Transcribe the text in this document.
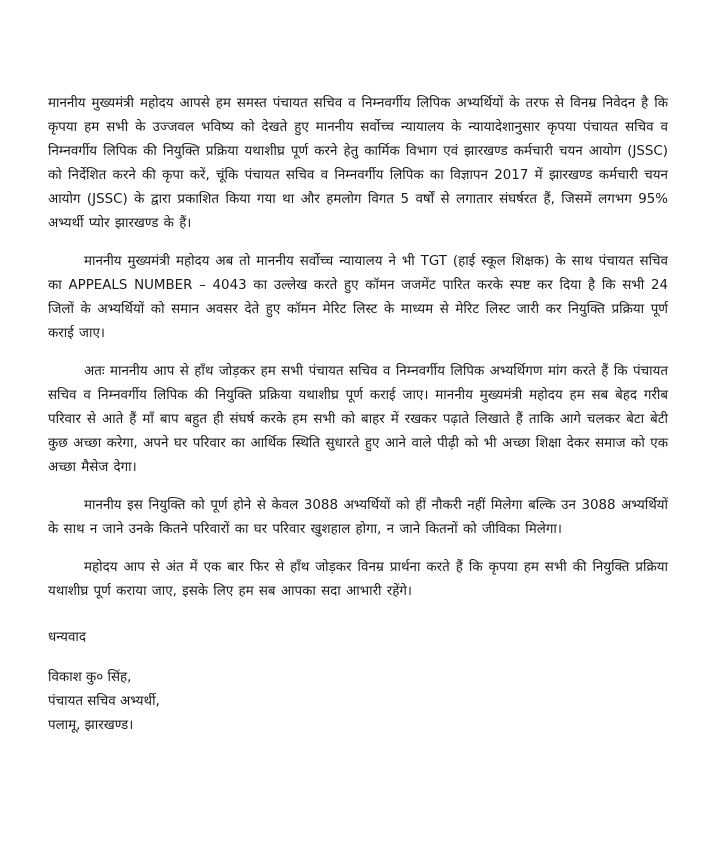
माननीय मुख्यमंत्री महोदय आपसे हम समस्त पंचायत सचिव व निम्नवर्गीय लिपिक अभ्यर्थियों के तरफ से विनम्र निवेदन है कि कृपया हम सभी के उज्जवल भविष्य को देखते हुए माननीय सर्वोच्च न्यायालय के न्यायादेशानुसार कृपया पंचायत सचिव व निम्नवर्गीय लिपिक की नियुक्ति प्रक्रिया यथाशीघ्र पूर्ण करने हेतु कार्मिक विभाग एवं झारखण्ड कर्मचारी चयन आयोग (JSSC) को निर्देशित करने की कृपा करें, चूंकि पंचायत सचिव व निम्नवर्गीय लिपिक का विज्ञापन 2017 में झारखण्ड कर्मचारी चयन आयोग (JSSC) के द्वारा प्रकाशित किया गया था और हमलोग विगत 5 वर्षों से लगातार संघर्षरत हैं, जिसमें लगभग 95% अभ्यर्थी प्योर झारखण्ड के हैं।

माननीय मुख्यमंत्री महोदय अब तो माननीय सर्वोच्च न्यायालय ने भी TGT (हाई स्कूल शिक्षक) के साथ पंचायत सचिव का APPEALS NUMBER – 4043 का उल्लेख करते हुए कॉमन जजमेंट पारित करके स्पष्ट कर दिया है कि सभी 24 जिलों के अभ्यर्थियों को समान अवसर देते हुए कॉमन मेरिट लिस्ट के माध्यम से मेरिट लिस्ट जारी कर नियुक्ति प्रक्रिया पूर्ण कराई जाए।

अतः माननीय आप से हाँथ जोड़कर हम सभी पंचायत सचिव व निम्नवर्गीय लिपिक अभ्यर्थिगण मांग करते हैं कि पंचायत सचिव व निम्नवर्गीय लिपिक की नियुक्ति प्रक्रिया यथाशीघ्र पूर्ण कराई जाए। माननीय मुख्यमंत्री महोदय हम सब बेहद गरीब परिवार से आते हैं माँ बाप बहुत ही संघर्ष करके हम सभी को बाहर में रखकर पढ़ाते लिखाते हैं ताकि आगे चलकर बेटा बेटी कुछ अच्छा करेगा, अपने घर परिवार का आर्थिक स्थिति सुधारते हुए आने वाले पीढ़ी को भी अच्छा शिक्षा देकर समाज को एक अच्छा मैसेज देगा।

माननीय इस नियुक्ति को पूर्ण होने से केवल 3088 अभ्यर्थियों को हीं नौकरी नहीं मिलेगा बल्कि उन 3088 अभ्यर्थियों के साथ न जाने उनके कितने परिवारों का घर परिवार खुशहाल होगा, न जाने कितनों को जीविका मिलेगा।

महोदय आप से अंत में एक बार फिर से हाँथ जोड़कर विनम्र प्रार्थना करते हैं कि कृपया हम सभी की नियुक्ति प्रक्रिया यथाशीघ्र पूर्ण कराया जाए, इसके लिए हम सब आपका सदा आभारी रहेंगे।

धन्यवाद
विकाश कु० सिंह,
पंचायत सचिव अभ्यर्थी,
पलामू, झारखण्ड।
